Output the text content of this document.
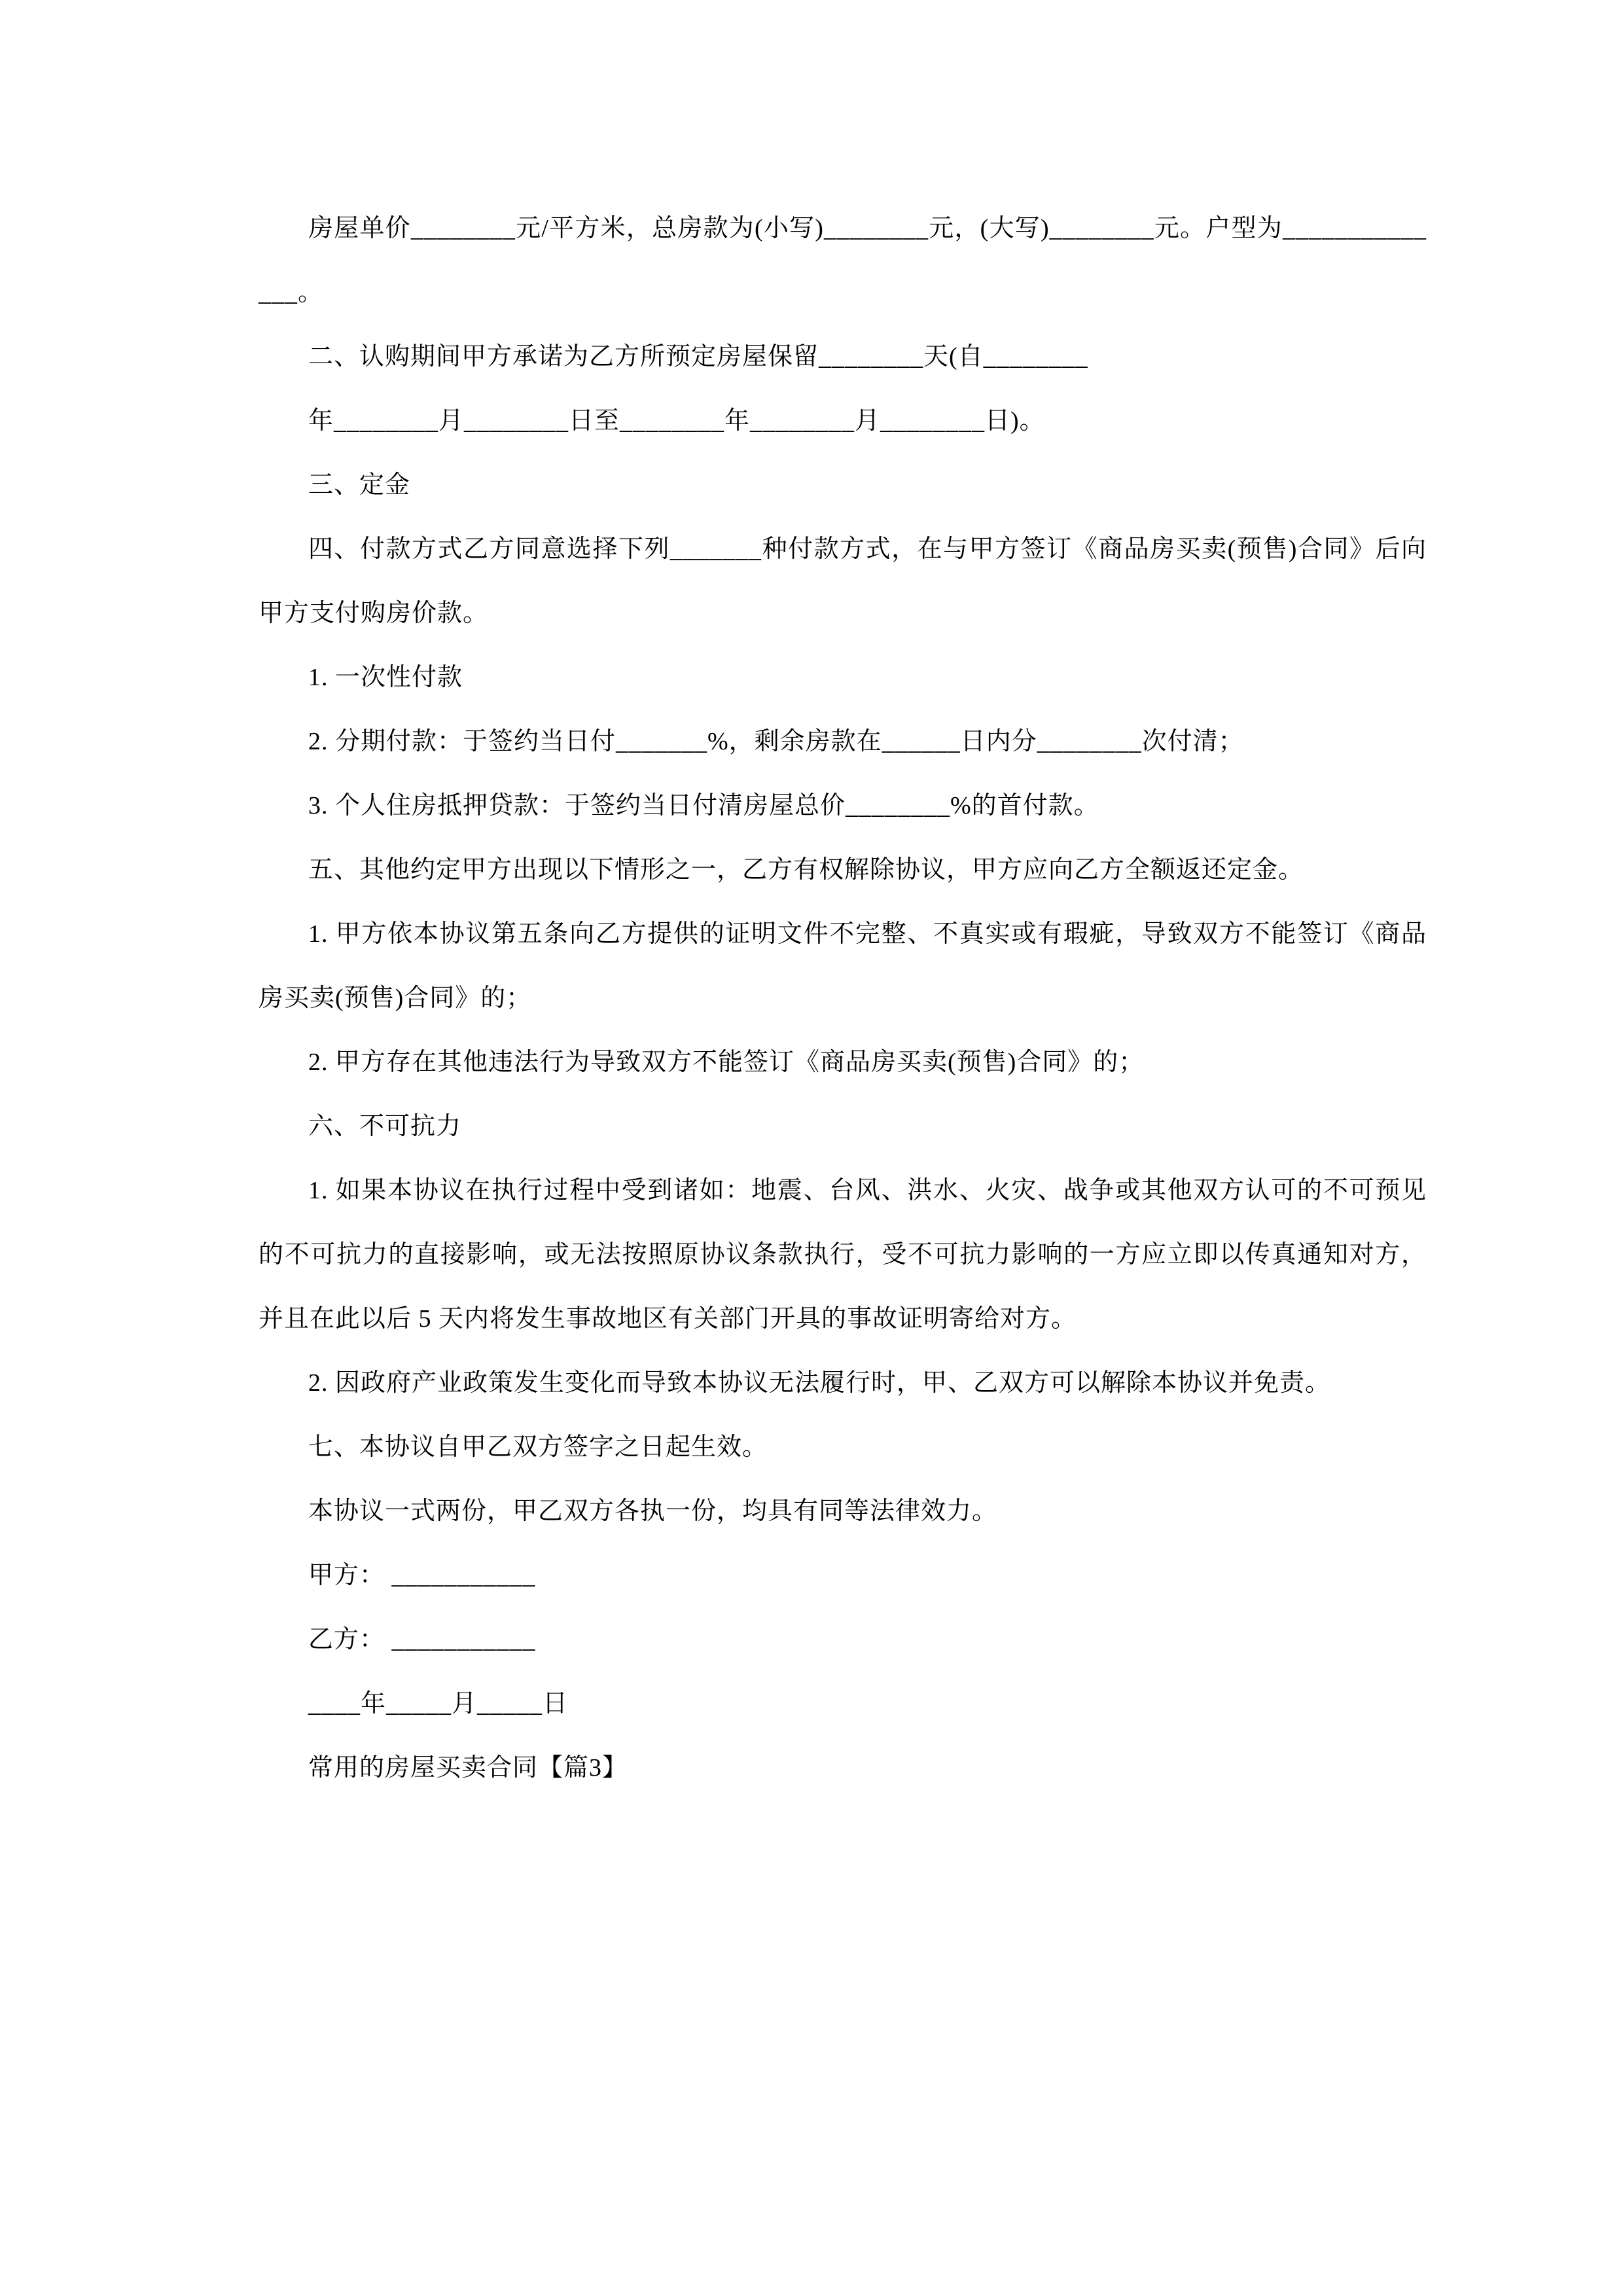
房屋单价________元/平方米，总房款为(小写)________元，(大写)________元。户型为______________。

二、认购期间甲方承诺为乙方所预定房屋保留________天(自________

年________月________日至________年________月________日)。

三、定金

四、付款方式乙方同意选择下列_______种付款方式，在与甲方签订《商品房买卖(预售)合同》后向甲方支付购房价款。

1. 一次性付款

2. 分期付款：于签约当日付_______%，剩余房款在______日内分________次付清；

3. 个人住房抵押贷款：于签约当日付清房屋总价________%的首付款。

五、其他约定甲方出现以下情形之一，乙方有权解除协议，甲方应向乙方全额返还定金。

1. 甲方依本协议第五条向乙方提供的证明文件不完整、不真实或有瑕疵，导致双方不能签订《商品房买卖(预售)合同》的；

2. 甲方存在其他违法行为导致双方不能签订《商品房买卖(预售)合同》的；

六、不可抗力

1. 如果本协议在执行过程中受到诸如：地震、台风、洪水、火灾、战争或其他双方认可的不可预见的不可抗力的直接影响，或无法按照原协议条款执行，受不可抗力影响的一方应立即以传真通知对方，并且在此以后 5 天内将发生事故地区有关部门开具的事故证明寄给对方。

2. 因政府产业政策发生变化而导致本协议无法履行时，甲、乙双方可以解除本协议并免责。

七、本协议自甲乙双方签字之日起生效。

本协议一式两份，甲乙双方各执一份，均具有同等法律效力。

甲方： ___________

乙方： ___________

____年_____月_____日

常用的房屋买卖合同【篇3】
